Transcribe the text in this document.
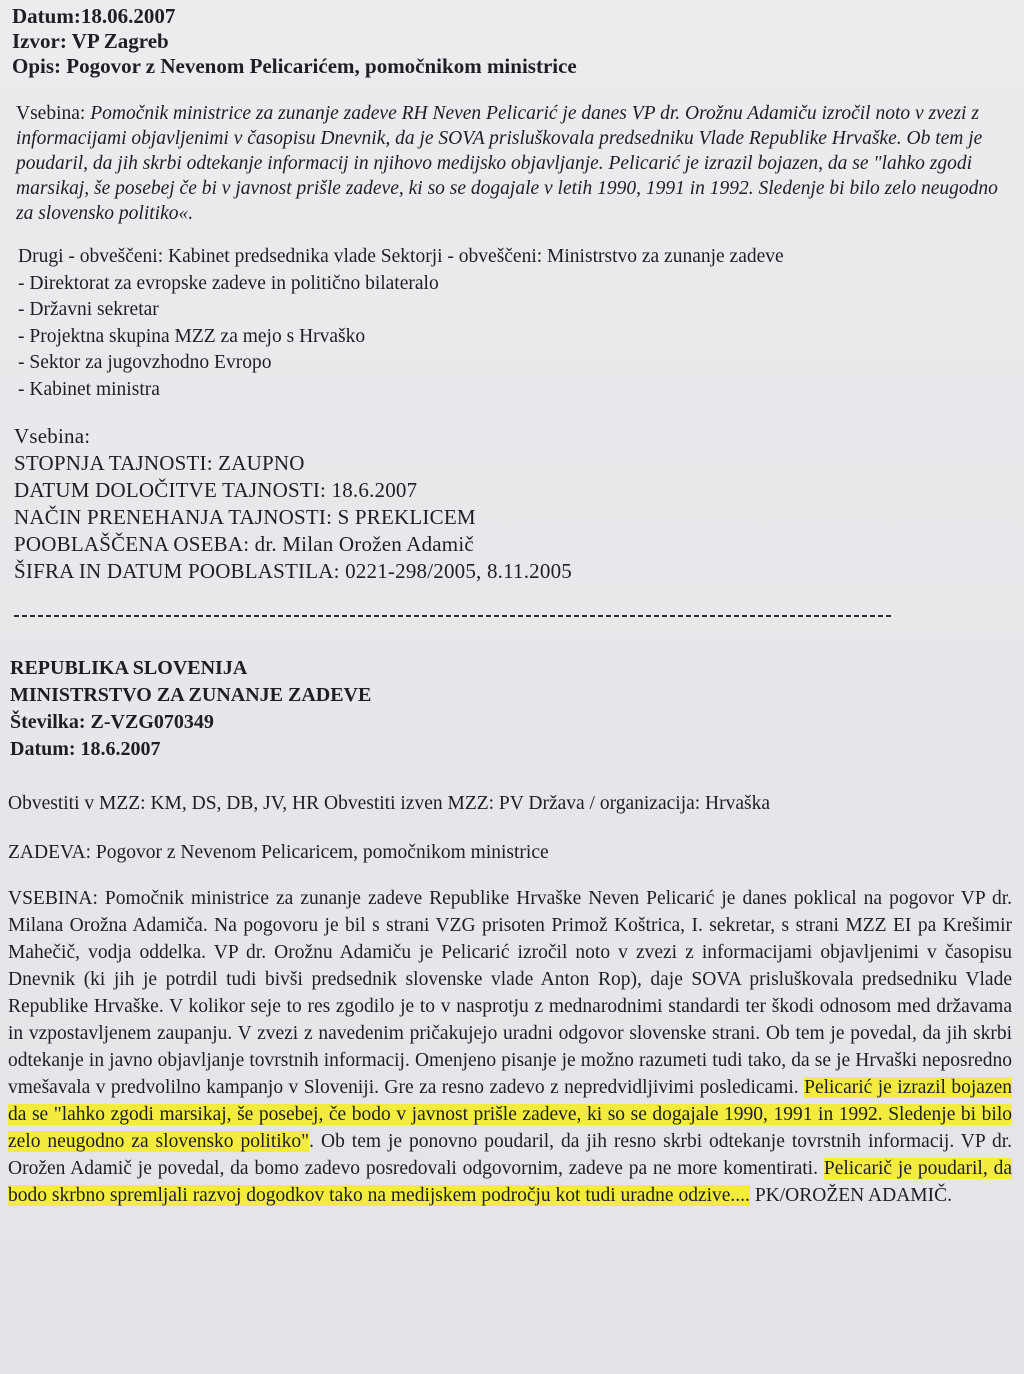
Datum:18.06.2007
Izvor: VP Zagreb
Opis: Pogovor z Nevenom Pelicarićem, pomočnikom ministrice
Vsebina: Pomočnik ministrice za zunanje zadeve RH Neven Pelicarić je danes VP dr. Orožnu Adamiču izročil noto v zvezi z informacijami objavljenimi v časopisu Dnevnik, da je SOVA prisluškovala predsedniku Vlade Republike Hrvaške. Ob tem je poudaril, da jih skrbi odtekanje informacij in njihovo medijsko objavljanje. Pelicarić je izrazil bojazen, da se "lahko zgodi marsikaj, še posebej če bi v javnost prišle zadeve, ki so se dogajale v letih 1990, 1991 in 1992. Sledenje bi bilo zelo neugodno za slovensko politiko«.
Drugi - obveščeni: Kabinet predsednika vlade Sektorji - obveščeni: Ministrstvo za zunanje zadeve
- Direktorat za evropske zadeve in politično bilateralo
- Državni sekretar
- Projektna skupina MZZ za mejo s Hrvaško
- Sektor za jugovzhodno Evropo
- Kabinet ministra
Vsebina:
STOPNJA TAJNOSTI: ZAUPNO
DATUM DOLOČITVE TAJNOSTI: 18.6.2007
NAČIN PRENEHANJA TAJNOSTI: S PREKLICEM
POOBLAŠČENA OSEBA: dr. Milan Orožen Adamič
ŠIFRA IN DATUM POOBLASTILA: 0221-298/2005, 8.11.2005
REPUBLIKA SLOVENIJA
MINISTRSTVO ZA ZUNANJE ZADEVE
Številka: Z-VZG070349
Datum: 18.6.2007
Obvestiti v MZZ: KM, DS, DB, JV, HR Obvestiti izven MZZ: PV Država / organizacija: Hrvaška
ZADEVA: Pogovor z Nevenom Pelicaricem, pomočnikom ministrice
VSEBINA: Pomočnik ministrice za zunanje zadeve Republike Hrvaške Neven Pelicarić je danes poklical na pogovor VP dr. Milana Orožna Adamiča. Na pogovoru je bil s strani VZG prisoten Primož Koštrica, I. sekretar, s strani MZZ EI pa Krešimir Mahečič, vodja oddelka. VP dr. Orožnu Adamiču je Pelicarić izročil noto v zvezi z informacijami objavljenimi v časopisu Dnevnik (ki jih je potrdil tudi bivši predsednik slovenske vlade Anton Rop), daje SOVA prisluškovala predsedniku Vlade Republike Hrvaške. V kolikor seje to res zgodilo je to v nasprotju z mednarodnimi standardi ter škodi odnosom med državama in vzpostavljenem zaupanju. V zvezi z navedenim pričakujejo uradni odgovor slovenske strani. Ob tem je povedal, da jih skrbi odtekanje in javno objavljanje tovrstnih informacij. Omenjeno pisanje je možno razumeti tudi tako, da se je Hrvaški neposredno vmešavala v predvolilno kampanjo v Sloveniji. Gre za resno zadevo z nepredvidljivimi posledicami. Pelicarić je izrazil bojazen da se "lahko zgodi marsikaj, še posebej, če bodo v javnost prišle zadeve, ki so se dogajale 1990, 1991 in 1992. Sledenje bi bilo zelo neugodno za slovensko politiko". Ob tem je ponovno poudaril, da jih resno skrbi odtekanje tovrstnih informacij. VP dr. Orožen Adamič je povedal, da bomo zadevo posredovali odgovornim, zadeve pa ne more komentirati. Pelicarič je poudaril, da bodo skrbno spremljali razvoj dogodkov tako na medijskem področju kot tudi uradne odzive.... PK/OROŽEN ADAMIČ.
